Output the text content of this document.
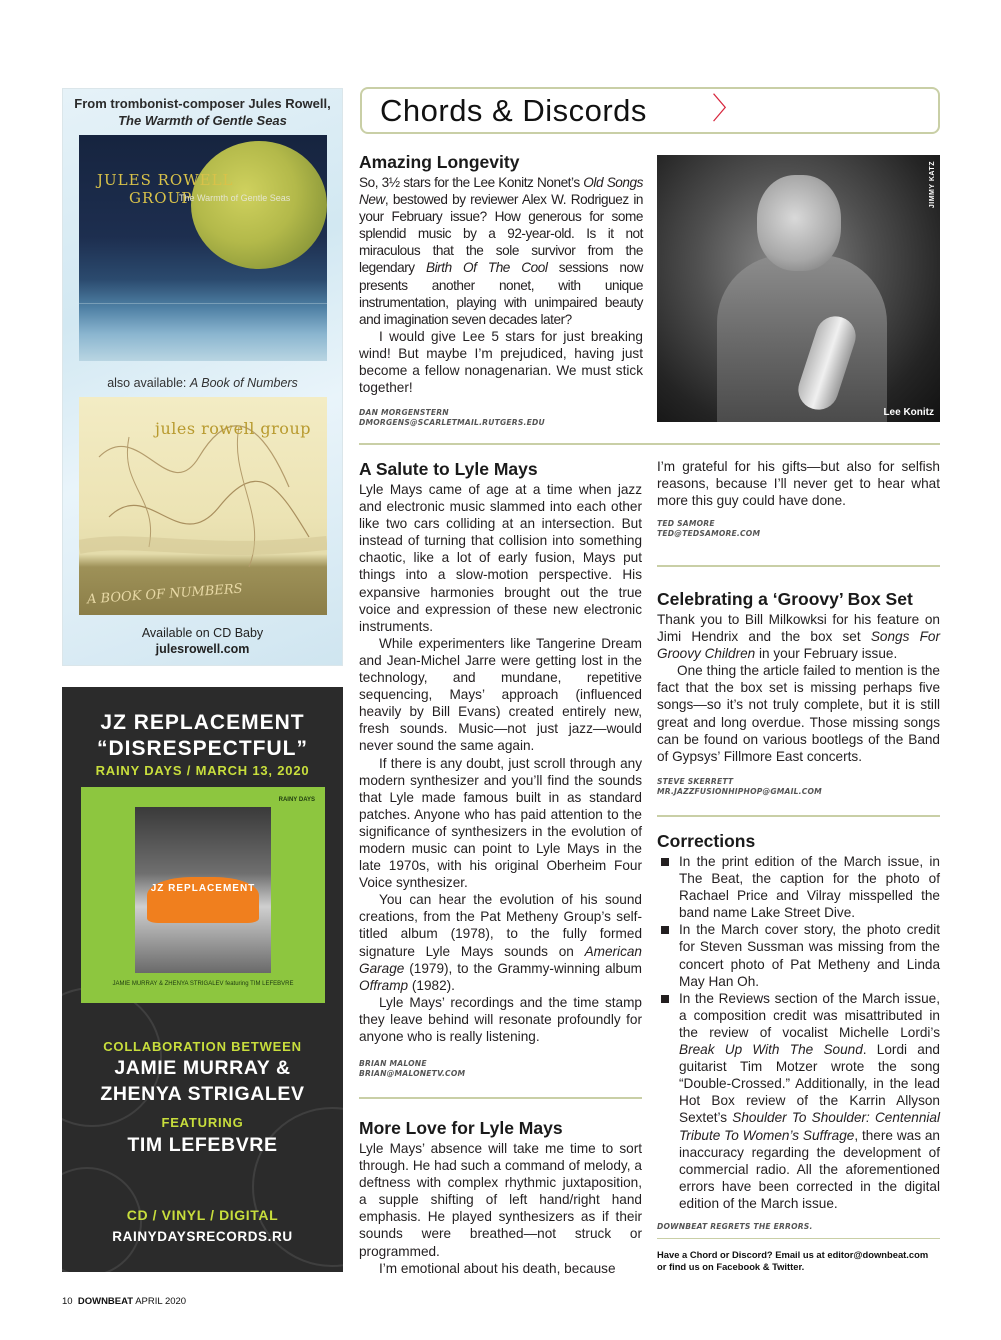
From trombonist-composer Jules Rowell,
The Warmth of Gentle Seas
JULES ROWELL
GROUP
The Warmth of Gentle Seas
also available: A Book of Numbers
jules rowell group
A BOOK OF NUMBERS
Available on CD Baby
julesrowell.com
JZ REPLACEMENT
“DISRESPECTFUL”
RAINY DAYS / MARCH 13, 2020
RAINY DAYS
JZ REPLACEMENT
JAMIE MURRAY & ZHENYA STRIGALEV featuring TIM LEFEBVRE
COLLABORATION BETWEEN
JAMIE MURRAY &
ZHENYA STRIGALEV
FEATURING
TIM LEFEBVRE
CD / VINYL / DIGITAL
RAINYDAYSRECORDS.RU
Chords & Discords 〉
Amazing Longevity

So, 3½ stars for the Lee Konitz Nonet’s Old Songs New, bestowed by reviewer Alex W. Rodriguez in your February issue? How generous for some splendid music by a 92-year-old. Is it not miraculous that the sole survivor from the legendary Birth Of The Cool sessions now presents another nonet, with unique instrumentation, playing with unimpaired beauty and imagination seven decades later?

I would give Lee 5 stars for just breaking wind! But maybe I’m prejudiced, having just become a fellow nonagenarian. We must stick together!

DAN MORGENSTERN
DMORGENS@SCARLETMAIL.RUTGERS.EDU
JIMMY KATZ
Lee Konitz
A Salute to Lyle Mays

Lyle Mays came of age at a time when jazz and electronic music slammed into each other like two cars colliding at an intersection. But instead of turning that collision into something chaotic, like a lot of early fusion, Mays put things into a slow-motion perspective. His expansive harmonies brought out the true voice and expression of these new electronic instruments.

While experimenters like Tangerine Dream and Jean-Michel Jarre were getting lost in the technology, and mundane, repetitive sequencing, Mays’ approach (influenced heavily by Bill Evans) created entirely new, fresh sounds. Music—not just jazz—would never sound the same again.

If there is any doubt, just scroll through any modern synthesizer and you’ll find the sounds that Lyle made famous built in as standard patches. Anyone who has paid attention to the significance of synthesizers in the evolution of modern music can point to Lyle Mays in the late 1970s, with his original Oberheim Four Voice synthesizer.

You can hear the evolution of his sound creations, from the Pat Metheny Group’s self-titled album (1978), to the fully formed signature Lyle Mays sounds on American Garage (1979), to the Grammy-winning album Offramp (1982).

Lyle Mays’ recordings and the time stamp they leave behind will resonate profoundly for anyone who is really listening.

BRIAN MALONE
BRIAN@MALONETV.COM
More Love for Lyle Mays

Lyle Mays’ absence will take me time to sort through. He had such a command of melody, a deftness with complex rhythmic juxtaposition, a supple shifting of left hand/right hand emphasis. He played synthesizers as if their sounds were breathed—not struck or programmed.

I’m emotional about his death, because

I’m grateful for his gifts—but also for selfish reasons, because I’ll never get to hear what more this guy could have done.

TED SAMORE
TED@TEDSAMORE.COM
Celebrating a ‘Groovy’ Box Set

Thank you to Bill Milkowksi for his feature on Jimi Hendrix and the box set Songs For Groovy Children in your February issue.

One thing the article failed to mention is the fact that the box set is missing perhaps five songs—so it’s not truly complete, but it is still great and long overdue. Those missing songs can be found on various bootlegs of the Band of Gypsys’ Fillmore East concerts.

STEVE SKERRETT
MR.JAZZFUSIONHIPHOP@GMAIL.COM
Corrections
In the print edition of the March issue, in The Beat, the caption for the photo of Rachael Price and Vilray misspelled the band name Lake Street Dive.
In the March cover story, the photo credit for Steven Sussman was missing from the concert photo of Pat Metheny and Linda May Han Oh.
In the Reviews section of the March issue, a composition credit was misattributed in the review of vocalist Michelle Lordi’s Break Up With The Sound. Lordi and guitarist Tim Motzer wrote the song “Double-Crossed.” Additionally, in the lead Hot Box review of the Karrin Allyson Sextet’s Shoulder To Shoulder: Centennial Tribute To Women’s Suffrage, there was an inaccuracy regarding the development of commercial radio. All the aforementioned errors have been corrected in the digital edition of the March issue.
DOWNBEAT REGRETS THE ERRORS.
Have a Chord or Discord? Email us at editor@downbeat.com
or find us on Facebook & Twitter.
10 DOWNBEAT APRIL 2020
